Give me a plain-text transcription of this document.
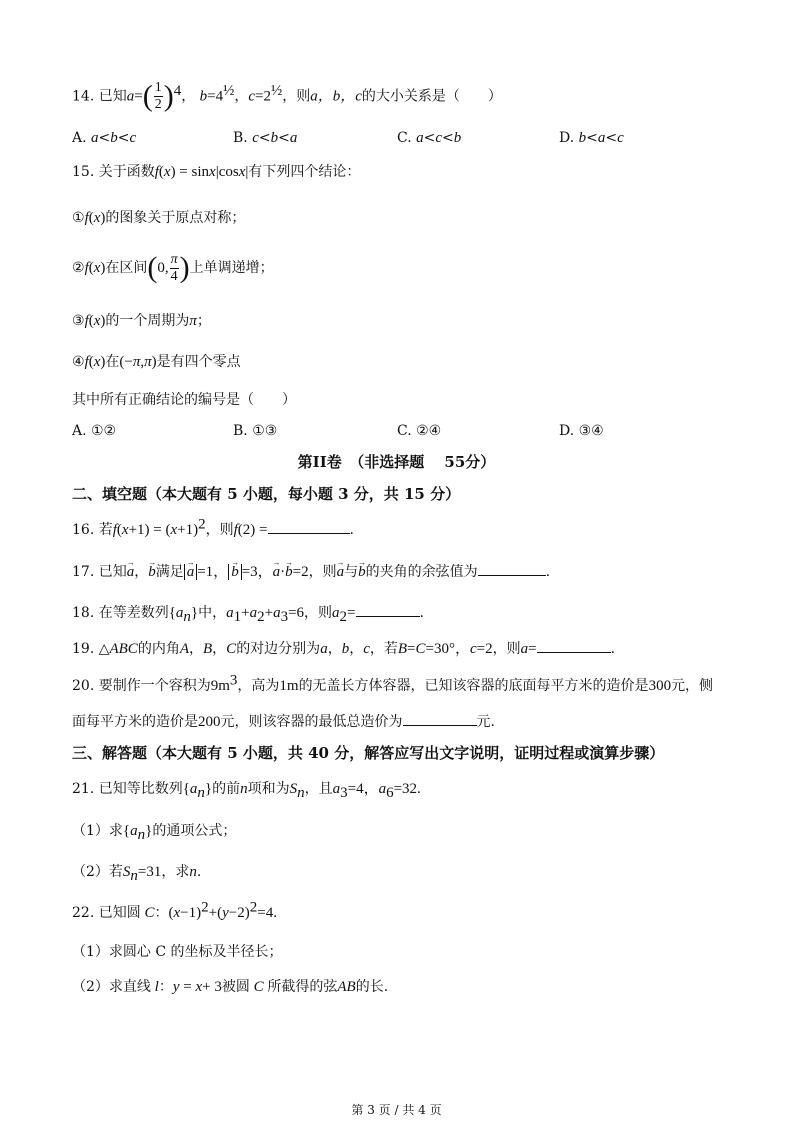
14. 已知$a=( \frac{1}{2} )^4$， $b=4^{\frac{1}{2}}$，$c=2^{\frac{1}{2}}$，则a，b，c的大小关系是（　　）
A. a<b<c	B. c<b<a	C. a<c<b	D. b<a<c
15. 关于函数f(x) = sinx|cosx|有下列四个结论：
①f(x)的图象关于原点对称；
②f(x)在区间(0, $\frac{\pi}{4}$ )上单调递增；
③f(x)的一个周期为π；
④f(x)在(−π,π)是有四个零点
其中所有正确结论的编号是（　　）
A. ①②	B. ①③	C. ②④	D. ③④
第II卷　（非选择题　 55分）
二、填空题（本大题有 5 小题，每小题 3 分，共 15 分）
16. 若$f(x+1) = (x+1)^2$，则f(2) =	.
17. 已知→ a，→ b满足 → a =1， → b =3，→ a·→ b=2，则→ a与→ b的夹角的余弦值为	.
18. 在等差数列$\{a_n\}$中，$a_1+a_2+a_3=6$，则$a_2=$	.
19. △ABC的内角A，B，C的对边分别为a，b，c，若B=C=30°，c=2，则a=	.
20. 要制作一个容积为$9m^3$，高为1m的无盖长方体容器，已知该容器的底面每平方米的造价是300元，侧
面每平方米的造价是200元，则该容器的最低总造价为	元.
三、解答题（本大题有 5 小题，共 40 分，解答应写出文字说明，证明过程或演算步骤）
21. 已知等比数列$\{a_n\}$的前n项和为$S_n$，且$a_3=4$，$a_6=32$.
（1）求$\{a_n\}$的通项公式；
（2）若$S_n=31$，求n.
22. 已知圆 C：$(x-1)^2+(y-2)^2=4$.
（1）求圆心 C 的坐标及半径长；
（2）求直线 l：y = x+ 3被圆 C 所截得的弦AB的长.
第 3 页 / 共 4 页
